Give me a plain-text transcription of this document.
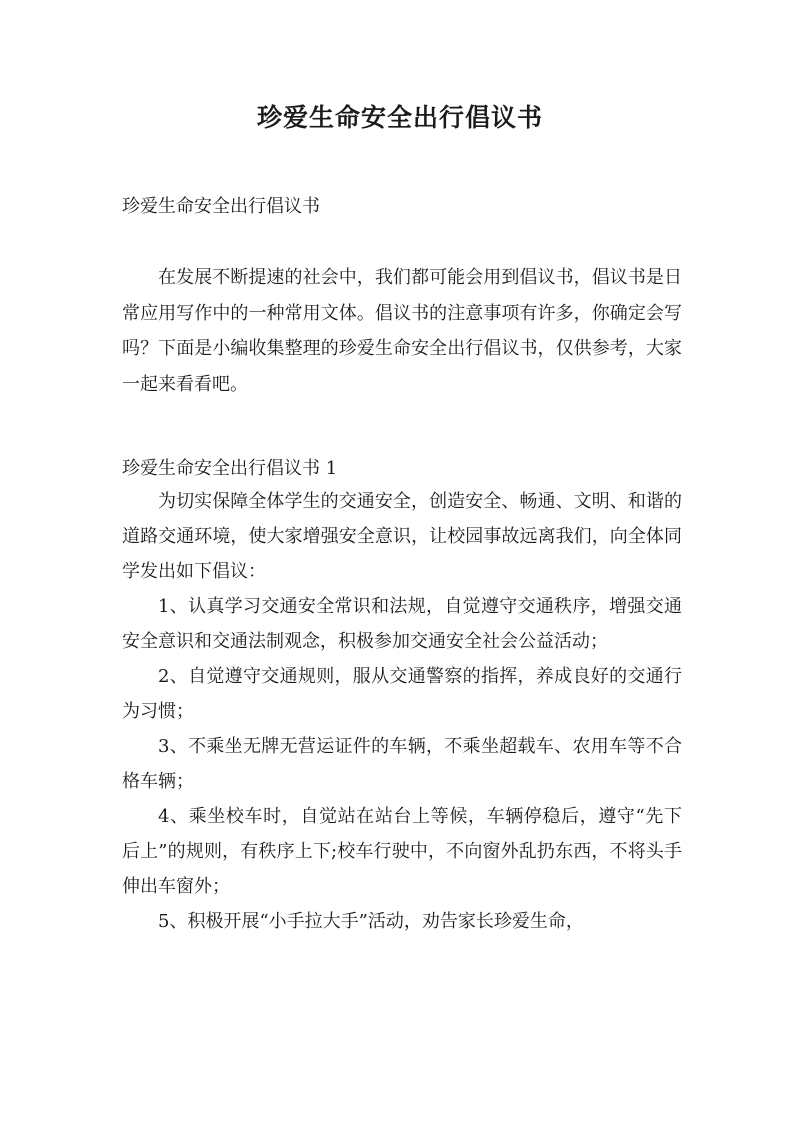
珍爱生命安全出行倡议书
珍爱生命安全出行倡议书

在发展不断提速的社会中，我们都可能会用到倡议书，倡议书是日常应用写作中的一种常用文体。倡议书的注意事项有许多，你确定会写吗？下面是小编收集整理的珍爱生命安全出行倡议书，仅供参考，大家一起来看看吧。

珍爱生命安全出行倡议书 1

为切实保障全体学生的交通安全，创造安全、畅通、文明、和谐的道路交通环境，使大家增强安全意识，让校园事故远离我们，向全体同学发出如下倡议：

1、认真学习交通安全常识和法规，自觉遵守交通秩序，增强交通安全意识和交通法制观念，积极参加交通安全社会公益活动；

2、自觉遵守交通规则，服从交通警察的指挥，养成良好的交通行为习惯；

3、不乘坐无牌无营运证件的车辆，不乘坐超载车、农用车等不合格车辆；

4、乘坐校车时，自觉站在站台上等候，车辆停稳后，遵守“先下后上”的规则，有秩序上下;校车行驶中，不向窗外乱扔东西，不将头手伸出车窗外；

5、积极开展“小手拉大手”活动，劝告家长珍爱生命，
